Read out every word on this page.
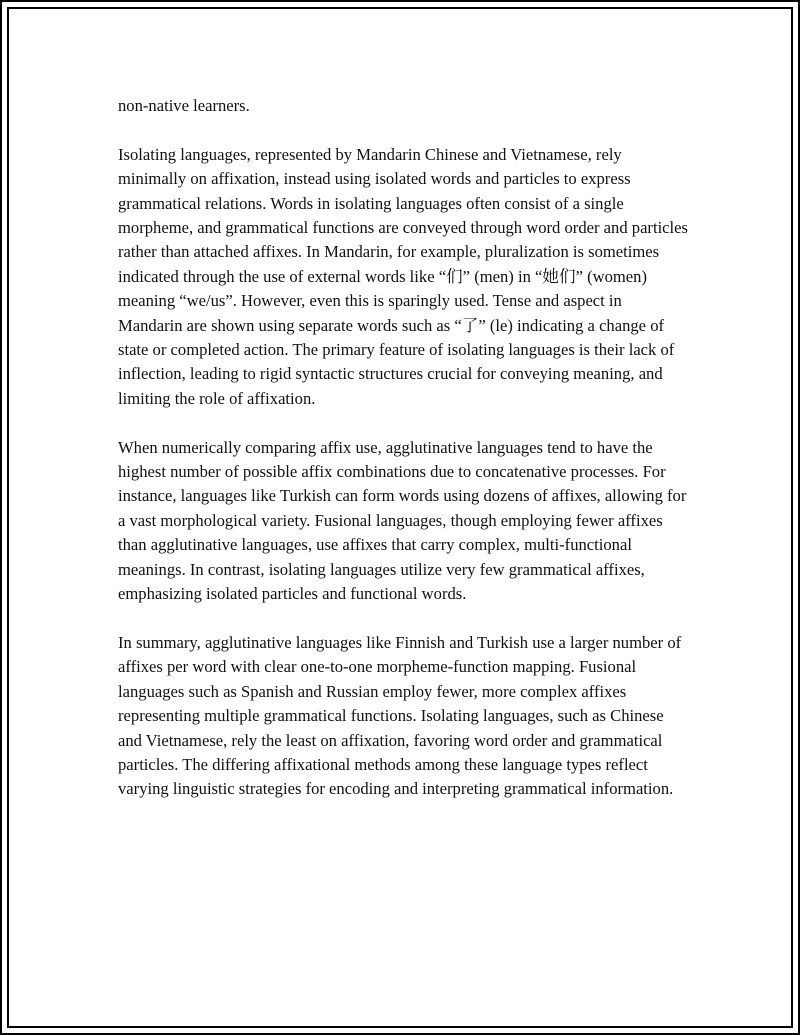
non-native learners.

Isolating languages, represented by Mandarin Chinese and Vietnamese, rely minimally on affixation, instead using isolated words and particles to express grammatical relations. Words in isolating languages often consist of a single morpheme, and grammatical functions are conveyed through word order and particles rather than attached affixes. In Mandarin, for example, pluralization is sometimes indicated through the use of external words like “们” (men) in “她们” (women) meaning “we/us”. However, even this is sparingly used. Tense and aspect in Mandarin are shown using separate words such as “了” (le) indicating a change of state or completed action. The primary feature of isolating languages is their lack of inflection, leading to rigid syntactic structures crucial for conveying meaning, and limiting the role of affixation.

When numerically comparing affix use, agglutinative languages tend to have the highest number of possible affix combinations due to concatenative processes. For instance, languages like Turkish can form words using dozens of affixes, allowing for a vast morphological variety. Fusional languages, though employing fewer affixes than agglutinative languages, use affixes that carry complex, multi-functional meanings. In contrast, isolating languages utilize very few grammatical affixes, emphasizing isolated particles and functional words.

In summary, agglutinative languages like Finnish and Turkish use a larger number of affixes per word with clear one-to-one morpheme-function mapping. Fusional languages such as Spanish and Russian employ fewer, more complex affixes representing multiple grammatical functions. Isolating languages, such as Chinese and Vietnamese, rely the least on affixation, favoring word order and grammatical particles. The differing affixational methods among these language types reflect varying linguistic strategies for encoding and interpreting grammatical information.
